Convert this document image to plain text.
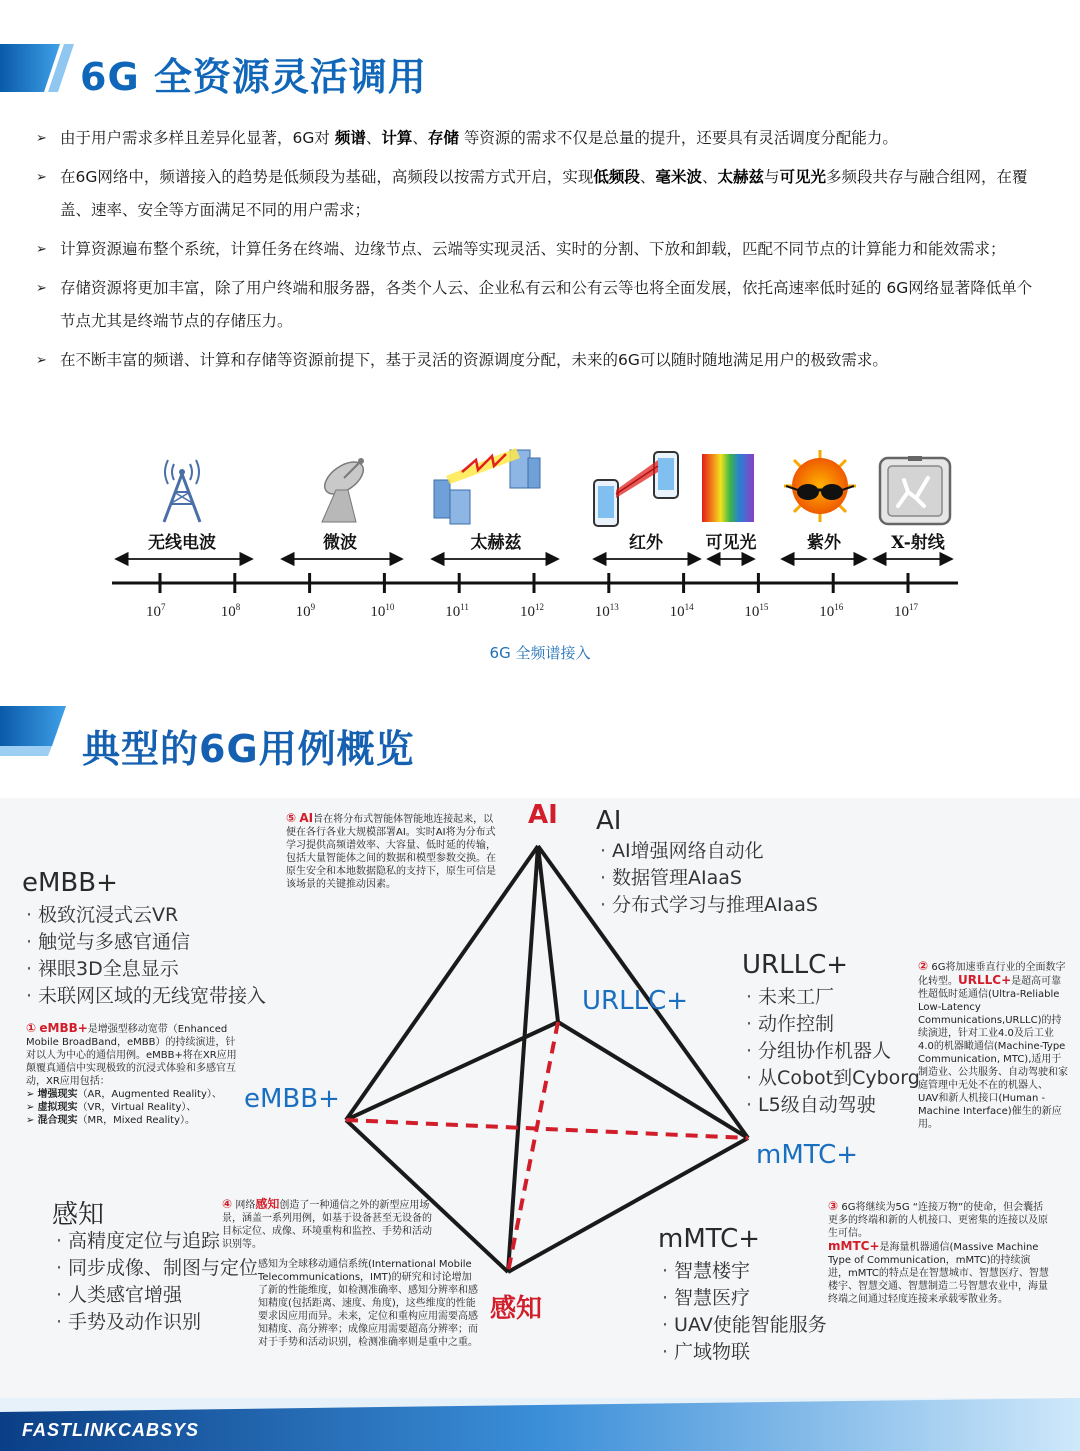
6G 全资源灵活调用
➢ 由于用户需求多样且差异化显著，6G对 频谱、计算、存储 等资源的需求不仅是总量的提升，还要具有灵活调度分配能力。
➢ 在6G网络中，频谱接入的趋势是低频段为基础，高频段以按需方式开启，实现低频段、毫米波、太赫兹与可见光多频段共存与融合组网，在覆盖、速率、安全等方面满足不同的用户需求；
➢ 计算资源遍布整个系统，计算任务在终端、边缘节点、云端等实现灵活、实时的分割、下放和卸载，匹配不同节点的计算能力和能效需求；
➢ 存储资源将更加丰富，除了用户终端和服务器，各类个人云、企业私有云和公有云等也将全面发展，依托高速率低时延的 6G网络显著降低单个节点尤其是终端节点的存储压力。
➢ 在不断丰富的频谱、计算和存储等资源前提下，基于灵活的资源调度分配，未来的6G可以随时随地满足用户的极致需求。
无线电波	微波	太赫兹	红外	可见光	紫外	X-射线
$10^7$	$10^8$	$10^9$	$10^{10}$	$10^{11}$	$10^{12}$	$10^{13}$	$10^{14}$	$10^{15}$	$10^{16}$	$10^{17}$
6G 全频谱接入
典型的6G用例概览
AI
eMBB+
URLLC+
mMTC+
感知
eMBB+
· 极致沉浸式云VR
· 触觉与多感官通信
· 裸眼3D全息显示
· 未联网区域的无线宽带接入
AI
· AI增强网络自动化
· 数据管理AIaaS
· 分布式学习与推理AIaaS
URLLC+
· 未来工厂
· 动作控制
· 分组协作机器人
· 从Cobot到Cyborg
· L5级自动驾驶
感知
· 高精度定位与追踪
· 同步成像、制图与定位
· 人类感官增强
· 手势及动作识别
mMTC+
· 智慧楼宇
· 智慧医疗
· UAV使能智能服务
· 广域物联
① eMBB+是增强型移动宽带（Enhanced Mobile BroadBand，eMBB）的持续演进，针对以人为中心的通信用例。eMBB+将在XR应用颠覆真通信中实现极致的沉浸式体验和多感官互动，XR应用包括：
➢ 增强现实（AR，Augmented Reality）、
➢ 虚拟现实（VR，Virtual Reality）、
➢ 混合现实（MR，Mixed Reality）。
⑤ AI旨在将分布式智能体智能地连接起来，以便在各行各业大规模部署AI。实时AI将为分布式学习提供高频谱效率、大容量、低时延的传输，包括大量智能体之间的数据和模型参数交换。在原生安全和本地数据隐私的支持下，原生可信是该场景的关键推动因素。
② 6G将加速垂直行业的全面数字化转型。URLLC+是超高可靠性超低时延通信(Ultra-Reliable Low-Latency Communications,URLLC)的持续演进，针对工业4.0及后工业4.0的机器瞰通信(Machine-Type Communication, MTC),适用于制造业、公共服务、自动驾驶和家庭管理中无处不在的机器人、UAV和新人机接口(Human -Machine Interface)催生的新应用。
③ 6G将继续为5G “连接万物”的使命，但会囊括更多的终端和新的人机接口、更密集的连接以及原生可信。
mMTC+是海量机器通信(Massive Machine Type of Communication，mMTC)的持续演进，mMTC的特点是在智慧城市、智慧医疗、智慧楼宇、智慧交通、智慧制造二号智慧农业中，海量终端之间通过轻度连接来承载零散业务。
④ 网络感知创造了一种通信之外的新型应用场景，涵盖一系列用例，如基于设备甚至无设备的目标定位、成像、环境重构和监控、手势和活动识别等。
感知为全球移动通信系统(International Mobile Telecommunications，IMT)的研究和讨论增加了新的性能维度，如检测准确率、感知分辨率和感知精度(包括距离、速度、角度)，这些维度的性能要求因应用而异。未来，定位和重构应用需要高感知精度、高分辨率；成像应用需要超高分辨率；而对于手势和活动识别，检测准确率则是重中之重。
FASTLINKCABSYS
